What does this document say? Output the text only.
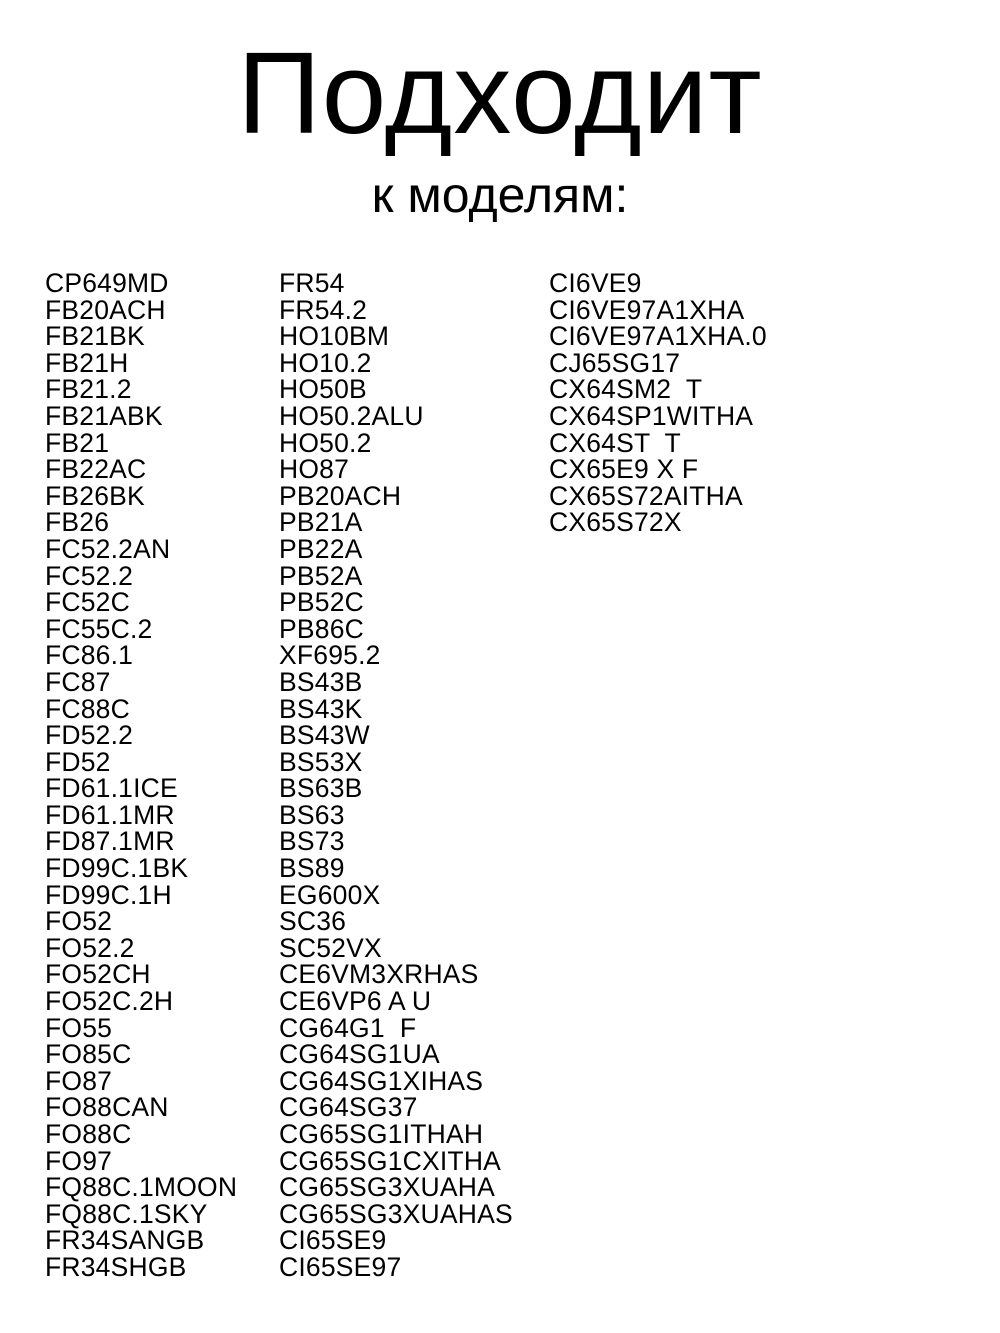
Подходит
к моделям:
CP649MD
FB20ACH
FB21BK
FB21H
FB21.2
FB21ABK
FB21
FB22AC
FB26BK
FB26
FC52.2AN
FC52.2
FC52C
FC55C.2
FC86.1
FC87
FC88C
FD52.2
FD52
FD61.1ICE
FD61.1MR
FD87.1MR
FD99C.1BK
FD99C.1H
FO52
FO52.2
FO52CH
FO52C.2H
FO55
FO85C
FO87
FO88CAN
FO88C
FO97
FQ88C.1MOON
FQ88C.1SKY
FR34SANGB
FR34SHGB
FR54
FR54.2
HO10BM
HO10.2
HO50B
HO50.2ALU
HO50.2
HO87
PB20ACH
PB21A
PB22A
PB52A
PB52C
PB86C
XF695.2
BS43B
BS43K
BS43W
BS53X
BS63B
BS63
BS73
BS89
EG600X
SC36
SC52VX
CE6VM3XRHAS
CE6VP6 A U
CG64G1  F
CG64SG1UA
CG64SG1XIHAS
CG64SG37
CG65SG1ITHAH
CG65SG1CXITHA
CG65SG3XUAHA
CG65SG3XUAHAS
CI65SE9
CI65SE97
CI6VE9
CI6VE97A1XHA
CI6VE97A1XHA.0
CJ65SG17
CX64SM2  T
CX64SP1WITHA
CX64ST  T
CX65E9 X F
CX65S72AITHA
CX65S72X
